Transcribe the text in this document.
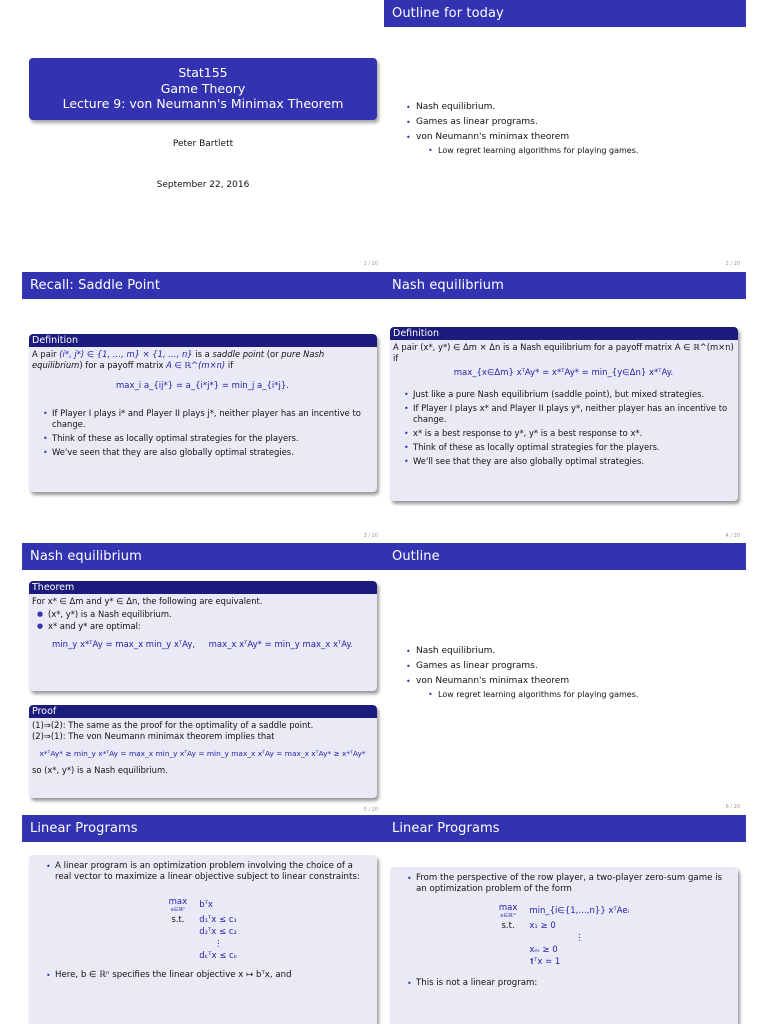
Stat155
Game Theory
Lecture 9: von Neumann's Minimax Theorem
Peter Bartlett
September 22, 2016
1 / 20
Outline for today
• Nash equilibrium.
• Games as linear programs.
• von Neumann's minimax theorem
• Low regret learning algorithms for playing games.
2 / 20
Recall: Saddle Point
Definition
A pair (i*, j*) ∈ {1, …, m} × {1, …, n} is a saddle point (or pure Nash equilibrium) for a payoff matrix A ∈ ℝ^(m×n) if
max_i a_{ij*} = a_{i*j*} = min_j a_{i*j}.
• If Player I plays i* and Player II plays j*, neither player has an incentive to change.
• Think of these as locally optimal strategies for the players.
• We've seen that they are also globally optimal strategies.
3 / 20
Nash equilibrium
Definition
A pair (x*, y*) ∈ Δm × Δn is a Nash equilibrium for a payoff matrix A ∈ ℝ^(m×n) if
max_{x∈Δm} xᵀAy* = x*ᵀAy* = min_{y∈Δn} x*ᵀAy.
• Just like a pure Nash equilibrium (saddle point), but mixed strategies.
• If Player I plays x* and Player II plays y*, neither player has an incentive to change.
• x* is a best response to y*, y* is a best response to x*.
• Think of these as locally optimal strategies for the players.
• We'll see that they are also globally optimal strategies.
4 / 20
Nash equilibrium
Theorem
For x* ∈ Δm and y* ∈ Δn, the following are equivalent.
● (x*, y*) is a Nash equilibrium.
● x* and y* are optimal:
min_y x*ᵀAy = max_x min_y xᵀAy, max_x xᵀAy* = min_y max_x xᵀAy.
Proof
(1)⇒(2): The same as the proof for the optimality of a saddle point.
(2)⇒(1): The von Neumann minimax theorem implies that
x*ᵀAy* ≥ min_y x*ᵀAy = max_x min_y xᵀAy = min_y max_x xᵀAy = max_x xᵀAy* ≥ x*ᵀAy*
so (x*, y*) is a Nash equilibrium.
5 / 20
Outline
• Nash equilibrium.
• Games as linear programs.
• von Neumann's minimax theorem
• Low regret learning algorithms for playing games.
6 / 20
Linear Programs
• A linear program is an optimization problem involving the choice of a real vector to maximize a linear objective subject to linear constraints:
max
x∈ℝⁿ	bᵀx
s.t.	d₁ᵀx ≤ c₁
	d₂ᵀx ≤ c₂
	⋮
	dₖᵀx ≤ cₖ
• Here, b ∈ ℝⁿ specifies the linear objective x ↦ bᵀx, and
Linear Programs
• From the perspective of the row player, a two-player zero-sum game is an optimization problem of the form
max
x∈ℝᵐ	min_{i∈{1,…,n}} xᵀAeᵢ
s.t.	x₁ ≥ 0
	⋮
	xₘ ≥ 0
	𝟏ᵀx = 1
• This is not a linear program:
